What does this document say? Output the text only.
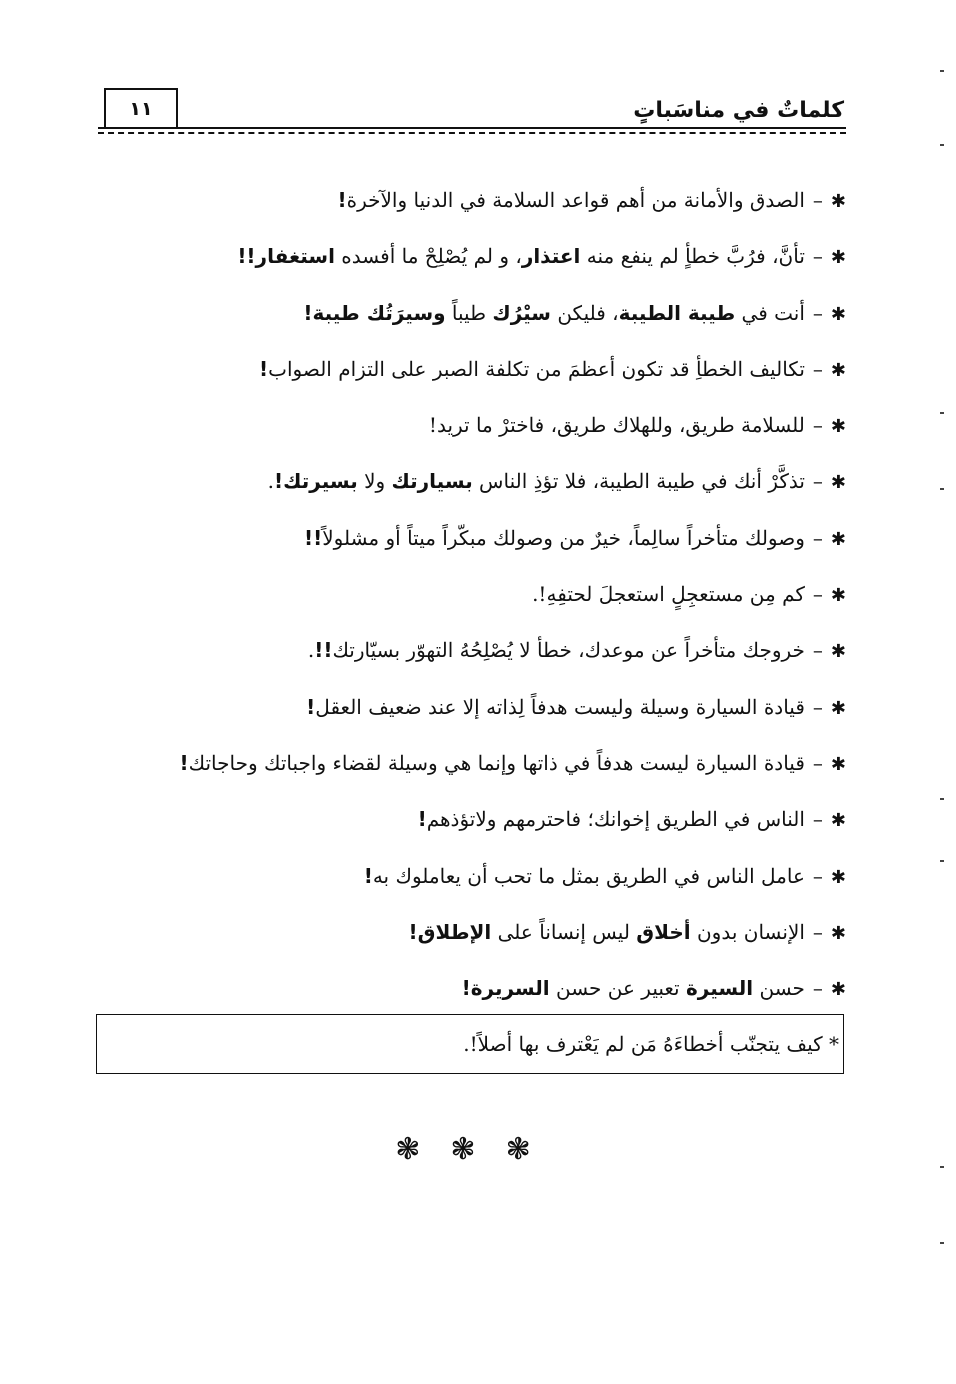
كلماتٌ في مناسَباتٍ
١١
✱–الصدق والأمانة من أهم قواعد السلامة في الدنيا والآخرة!
✱–تأنَّ، فرُبَّ خطأٍ لم ينفع منه اعتذار، و لم يُصْلِحْ ما أفسده استغفار!!
✱–أنت في طيبة الطيبة، فليكن سيْرُك طيباً وسيرَتُك طيبة!
✱–تكاليف الخطأِ قد تكون أعظمَ من تكلفة الصبر على التزام الصواب!
✱–للسلامة طريق، وللهلاك طريق، فاخترْ ما تريد!
✱–تذكَّرْ أنك في طيبة الطيبة، فلا تؤذِ الناس بسيارتك ولا بسيرتك!.
✱–وصولك متأخراً سالِماً، خيرٌ من وصولك مبكّراً ميتاً أو مشلولاً!!
✱–كم مِن مستعجِلٍ استعجلَ لحتفِهِ!.
✱–خروجك متأخراً عن موعدك، خطأ لا يُصْلِحُهُ التهوّر بسيّارتك!!.
✱–قيادة السيارة وسيلة وليست هدفاً لِذاته إلا عند ضعيف العقل!
✱–قيادة السيارة ليست هدفاً في ذاتها وإنما هي وسيلة لقضاء واجباتك وحاجاتك!
✱–الناس في الطريق إخوانك؛ فاحترمهم ولاتؤذهم!
✱–عامل الناس في الطريق بمثل ما تحب أن يعاملوك به!
✱–الإنسان بدون أخلاق ليس إنساناً على الإطلاق!
✱–حسن السيرة تعبير عن حسن السريرة!
* كيف يتجنّب أخطاءَهُ مَن لم يَعْترف بها أصلاً!.
❃❃❃
